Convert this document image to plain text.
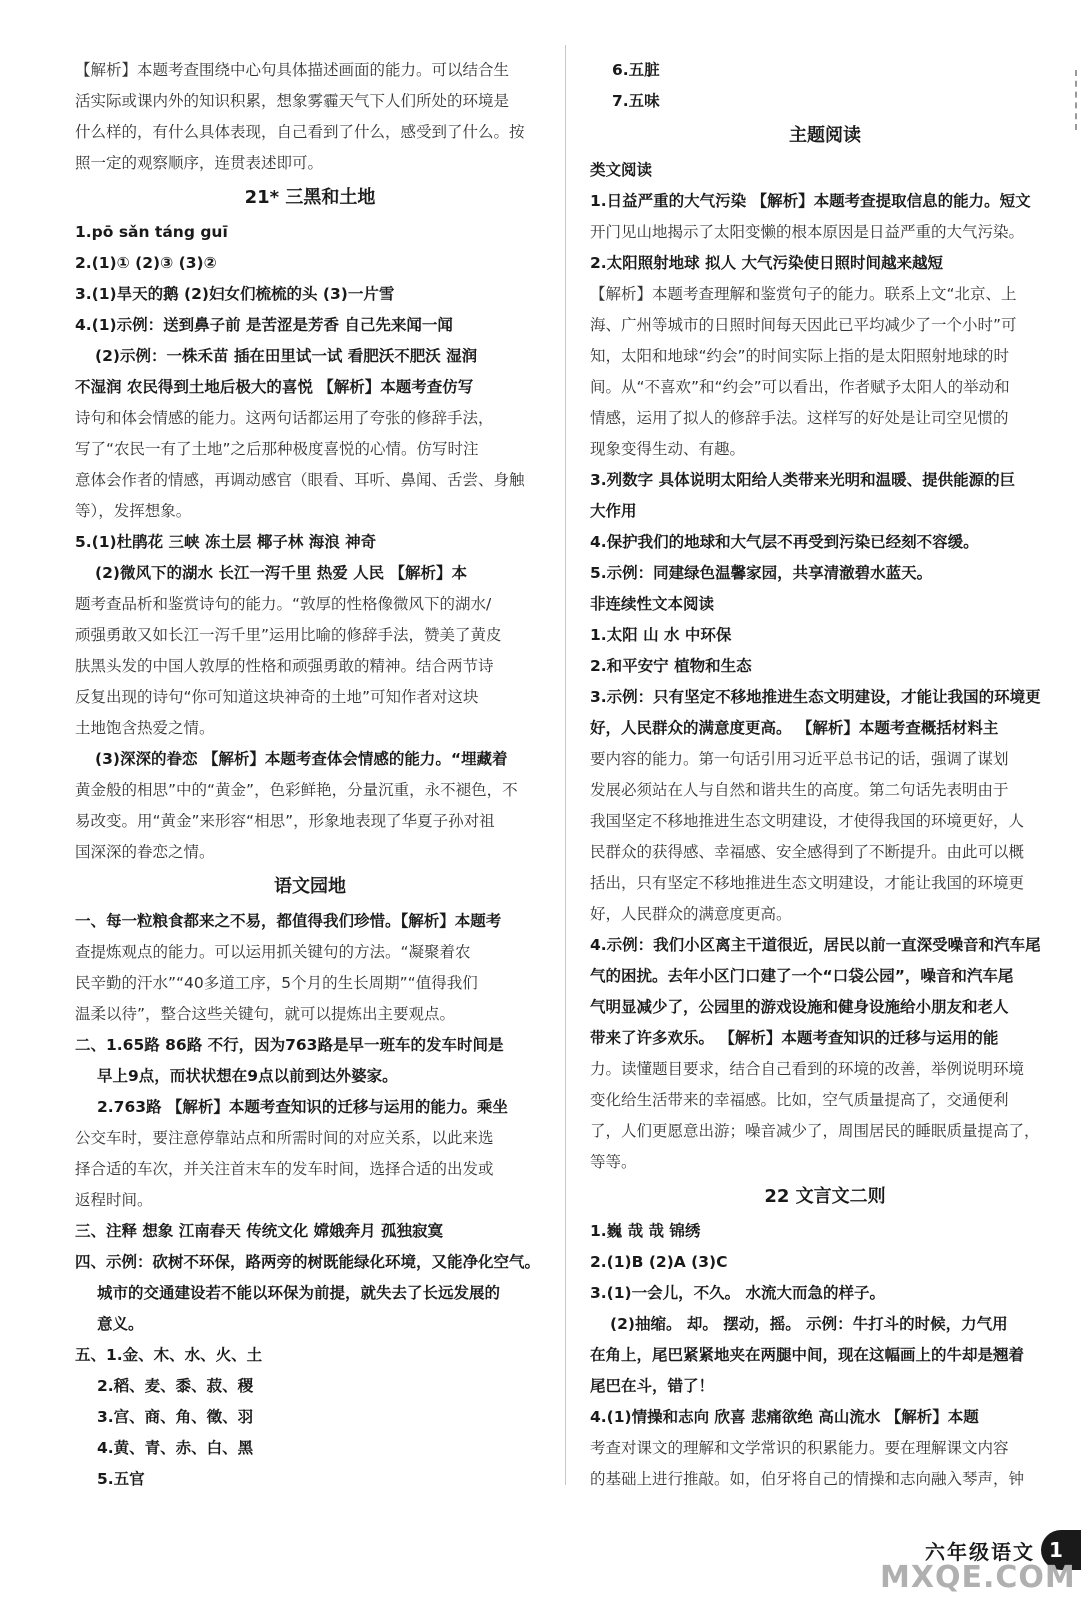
【解析】本题考查围绕中心句具体描述画面的能力。可以结合生
活实际或课内外的知识积累，想象雾霾天气下人们所处的环境是
什么样的，有什么具体表现，自己看到了什么，感受到了什么。按
照一定的观察顺序，连贯表述即可。
21* 三黑和土地
1.pō sǎn táng guī
2.(1)① (2)③ (3)②
3.(1)旱天的鹅 (2)妇女们梳梳的头 (3)一片雪
4.(1)示例：送到鼻子前 是苦涩是芳香 自己先来闻一闻
(2)示例：一株禾苗 插在田里试一试 看肥沃不肥沃 湿润
不湿润 农民得到土地后极大的喜悦 【解析】本题考查仿写
诗句和体会情感的能力。这两句话都运用了夸张的修辞手法，
写了“农民一有了土地”之后那种极度喜悦的心情。仿写时注
意体会作者的情感，再调动感官（眼看、耳听、鼻闻、舌尝、身触
等），发挥想象。
5.(1)杜鹃花 三峡 冻土层 椰子林 海浪 神奇
(2)微风下的湖水 长江一泻千里 热爱 人民 【解析】本
题考查品析和鉴赏诗句的能力。“敦厚的性格像微风下的湖水/
顽强勇敢又如长江一泻千里”运用比喻的修辞手法，赞美了黄皮
肤黑头发的中国人敦厚的性格和顽强勇敢的精神。结合两节诗
反复出现的诗句“你可知道这块神奇的土地”可知作者对这块
土地饱含热爱之情。
(3)深深的眷恋 【解析】本题考查体会情感的能力。“埋藏着
黄金般的相思”中的“黄金”，色彩鲜艳，分量沉重，永不褪色，不
易改变。用“黄金”来形容“相思”，形象地表现了华夏子孙对祖
国深深的眷恋之情。
语文园地
一、每一粒粮食都来之不易，都值得我们珍惜。【解析】本题考
查提炼观点的能力。可以运用抓关键句的方法。“凝聚着农
民辛勤的汗水”“40多道工序，5个月的生长周期”“值得我们
温柔以待”，整合这些关键句，就可以提炼出主要观点。
二、1.65路 86路 不行，因为763路是早一班车的发车时间是
早上9点，而状状想在9点以前到达外婆家。
2.763路 【解析】本题考查知识的迁移与运用的能力。乘坐
公交车时，要注意停靠站点和所需时间的对应关系，以此来选
择合适的车次，并关注首末车的发车时间，选择合适的出发或
返程时间。
三、注释 想象 江南春天 传统文化 嫦娥奔月 孤独寂寞
四、示例：砍树不环保，路两旁的树既能绿化环境，又能净化空气。
城市的交通建设若不能以环保为前提，就失去了长远发展的
意义。
五、1.金、木、水、火、土
2.稻、麦、黍、菽、稷
3.宫、商、角、徵、羽
4.黄、青、赤、白、黑
5.五官
6.五脏
7.五味
主题阅读
类文阅读
1.日益严重的大气污染 【解析】本题考查提取信息的能力。短文
开门见山地揭示了太阳变懒的根本原因是日益严重的大气污染。
2.太阳照射地球 拟人 大气污染使日照时间越来越短
【解析】本题考查理解和鉴赏句子的能力。联系上文“北京、上
海、广州等城市的日照时间每天因此已平均减少了一个小时”可
知，太阳和地球“约会”的时间实际上指的是太阳照射地球的时
间。从“不喜欢”和“约会”可以看出，作者赋予太阳人的举动和
情感，运用了拟人的修辞手法。这样写的好处是让司空见惯的
现象变得生动、有趣。
3.列数字 具体说明太阳给人类带来光明和温暖、提供能源的巨
大作用
4.保护我们的地球和大气层不再受到污染已经刻不容缓。
5.示例：同建绿色温馨家园，共享清澈碧水蓝天。
非连续性文本阅读
1.太阳 山 水 中环保
2.和平安宁 植物和生态
3.示例：只有坚定不移地推进生态文明建设，才能让我国的环境更
好，人民群众的满意度更高。 【解析】本题考查概括材料主
要内容的能力。第一句话引用习近平总书记的话，强调了谋划
发展必须站在人与自然和谐共生的高度。第二句话先表明由于
我国坚定不移地推进生态文明建设，才使得我国的环境更好，人
民群众的获得感、幸福感、安全感得到了不断提升。由此可以概
括出，只有坚定不移地推进生态文明建设，才能让我国的环境更
好，人民群众的满意度更高。
4.示例：我们小区离主干道很近，居民以前一直深受噪音和汽车尾
气的困扰。去年小区门口建了一个“口袋公园”，噪音和汽车尾
气明显减少了，公园里的游戏设施和健身设施给小朋友和老人
带来了许多欢乐。 【解析】本题考查知识的迁移与运用的能
力。读懂题目要求，结合自己看到的环境的改善，举例说明环境
变化给生活带来的幸福感。比如，空气质量提高了，交通便利
了，人们更愿意出游；噪音减少了，周围居民的睡眠质量提高了，
等等。
22 文言文二则
1.巍 哉 哉 锦绣
2.(1)B (2)A (3)C
3.(1)一会儿，不久。 水流大而急的样子。
(2)抽缩。 却。 摆动，摇。 示例：牛打斗的时候，力气用
在角上，尾巴紧紧地夹在两腿中间，现在这幅画上的牛却是翘着
尾巴在斗，错了！
4.(1)情操和志向 欣喜 悲痛欲绝 高山流水 【解析】本题
考查对课文的理解和文学常识的积累能力。要在理解课文内容
的基础上进行推敲。如，伯牙将自己的情操和志向融入琴声，钟
六年级语文 1
MXQE.COM
